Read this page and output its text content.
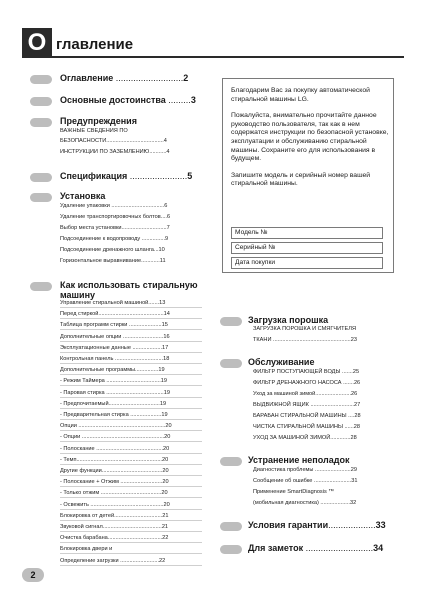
О главление
Оглавление ...........................2
Основные достоинства .........3
Предупреждения
ВАЖНЫЕ СВЕДЕНИЯ ПО
БЕЗОПАСНОСТИ.....................................4
ИНСТРУКЦИИ ПО ЗАЗЕМЛЕНИЮ...........4
Спецификация .......................5
Установка
Удаление упаковки ..................................6
Удаление транспортировочных болтов....6
Выбор места установки.............................7
Подсоединение к водопроводу ...............9
Подсоединение дренажного шланга...10
Горизонтальное выравнивание............11
Как использовать стиральную
машину
Управление стиральной машиной.......13
Перед стиркой..........................................14
Таблица программ стирки .....................15
Дополнительные опции ..........................16
Эксплуатационные данные ...................17
Контрольная панель ...............................18
Дополнительные программы...............19
- Режим Таймера ...................................19
- Паровая стирка .....................................19
- Предпочитаемый.................................19
- Предварительная стирка ....................19
Опции ........................................................20
- Опции .....................................................20
- Полоскание ...........................................20
- Темп.......................................................20
Другие функции.......................................20
- Полоскание + Отжим ...........................20
- Только отжим .......................................20
- Освежить ...............................................20
Блокировка от детей...............................21
Звуковой сигнал......................................21
Очистка барабана...................................22
Блокировка двери и
Определение загрузки .........................22

Благодарим Вас за покупку автоматической стиральной машины LG.

Пожалуйста, внимательно прочитайте данное руководство пользователя, так как в нем содержатся инструкции по безопасной установке, эксплуатации и обслуживанию стиральной машины. Сохраните его для использования в будущем.

Запишите модель и серийный номер вашей стиральной машины.

Модель №
Серийный №
Дата покупки
Загрузка порошка
ЗАГРУЗКА ПОРОШКА И СМЯГЧИТЕЛЯ
ТКАНИ ..................................................23
Обслуживание
ФИЛЬТР ПОСТУПАЮЩЕЙ ВОДЫ .......25
ФИЛЬТР ДРЕНАЖНОГО НАСОСА .......26
Уход за машиной зимой.......................26
ВЫДВИЖНОЙ ЯЩИК ............................27
БАРАБАН СТИРАЛЬНОЙ МАШИНЫ ....28
ЧИСТКА СТИРАЛЬНОЙ МАШИНЫ ......28
УХОД ЗА МАШИНОЙ ЗИМОЙ.............28
Устранение неполадок
Диагностика проблемы .......................29
Сообщение об ошибке ........................31
Применение SmartDiagnosis ™
(мобильная диагностика) ...................32
Условия гарантии...................33
Для заметок ...........................34
2
